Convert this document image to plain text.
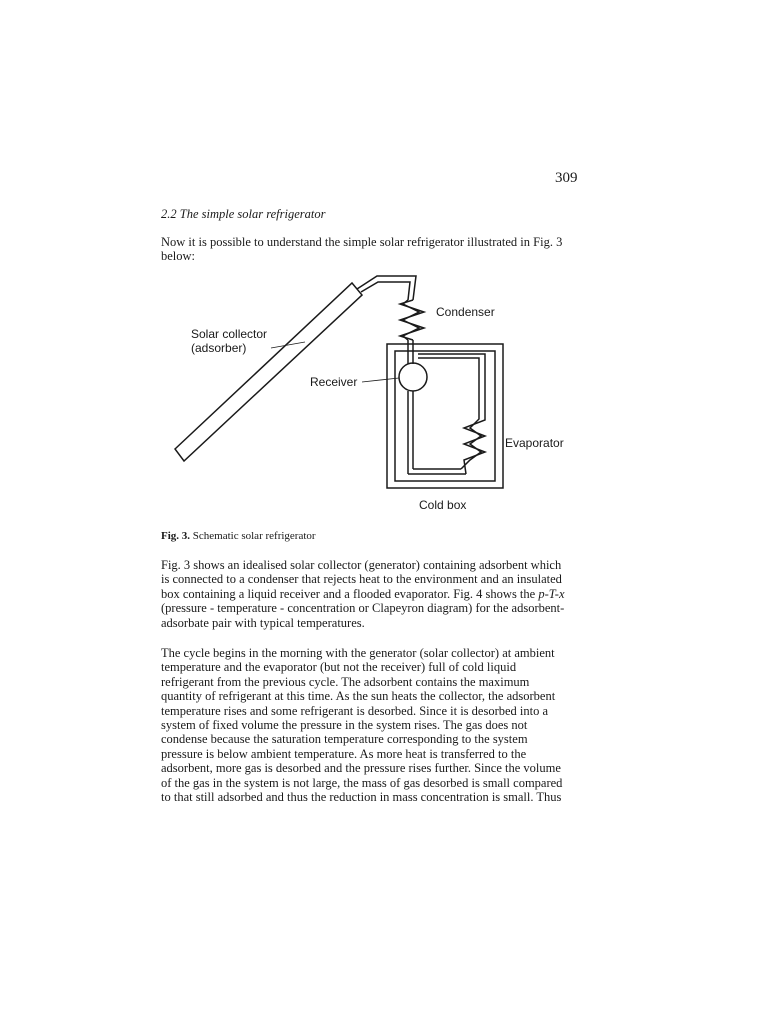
309
2.2 The simple solar refrigerator
Now it is possible to understand the simple solar refrigerator illustrated in Fig. 3
below:
Condenser
Solar collector
(adsorber)
Receiver
Evaporator
Cold box
Fig. 3. Schematic solar refrigerator
Fig. 3 shows an idealised solar collector (generator) containing adsorbent which
is connected to a condenser that rejects heat to the environment and an insulated
box containing a liquid receiver and a flooded evaporator. Fig. 4 shows the p-T-x
(pressure - temperature - concentration or Clapeyron diagram) for the adsorbent-
adsorbate pair with typical temperatures.
The cycle begins in the morning with the generator (solar collector) at ambient
temperature and the evaporator (but not the receiver) full of cold liquid
refrigerant from the previous cycle. The adsorbent contains the maximum
quantity of refrigerant at this time. As the sun heats the collector, the adsorbent
temperature rises and some refrigerant is desorbed. Since it is desorbed into a
system of fixed volume the pressure in the system rises. The gas does not
condense because the saturation temperature corresponding to the system
pressure is below ambient temperature. As more heat is transferred to the
adsorbent, more gas is desorbed and the pressure rises further. Since the volume
of the gas in the system is not large, the mass of gas desorbed is small compared
to that still adsorbed and thus the reduction in mass concentration is small. Thus
